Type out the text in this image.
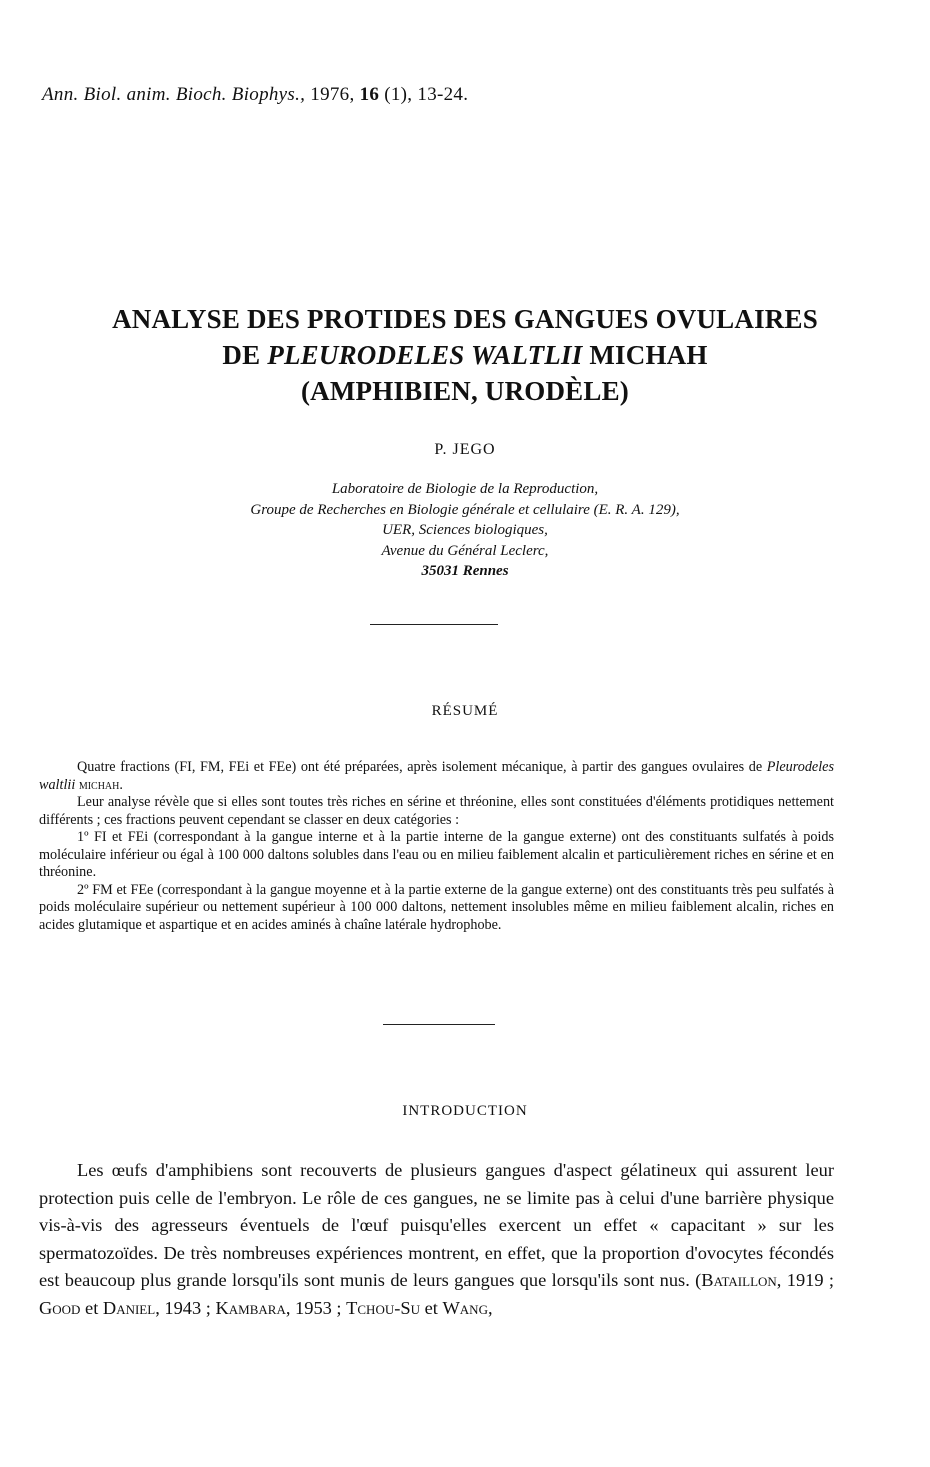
Ann. Biol. anim. Bioch. Biophys., 1976, 16 (1), 13-24.
ANALYSE DES PROTIDES DES GANGUES OVULAIRES
DE PLEURODELES WALTLII MICHAH
(AMPHIBIEN, URODÈLE)
P. JEGO
Laboratoire de Biologie de la Reproduction,
Groupe de Recherches en Biologie générale et cellulaire (E. R. A. 129),
UER, Sciences biologiques,
Avenue du Général Leclerc,
35031 Rennes
RÉSUMÉ

Quatre fractions (FI, FM, FEi et FEe) ont été préparées, après isolement mécanique, à partir des gangues ovulaires de Pleurodeles waltlii michah.

Leur analyse révèle que si elles sont toutes très riches en sérine et thréonine, elles sont constituées d'éléments protidiques nettement différents ; ces fractions peuvent cependant se classer en deux catégories :

1º FI et FEi (correspondant à la gangue interne et à la partie interne de la gangue externe) ont des constituants sulfatés à poids moléculaire inférieur ou égal à 100 000 daltons solubles dans l'eau ou en milieu faiblement alcalin et particulièrement riches en sérine et en thréonine.

2º FM et FEe (correspondant à la gangue moyenne et à la partie externe de la gangue externe) ont des constituants très peu sulfatés à poids moléculaire supérieur ou nettement supérieur à 100 000 daltons, nettement insolubles même en milieu faiblement alcalin, riches en acides glutamique et aspartique et en acides aminés à chaîne latérale hydrophobe.

INTRODUCTION

Les œufs d'amphibiens sont recouverts de plusieurs gangues d'aspect gélatineux qui assurent leur protection puis celle de l'embryon. Le rôle de ces gangues, ne se limite pas à celui d'une barrière physique vis-à-vis des agresseurs éventuels de l'œuf puisqu'elles exercent un effet « capacitant » sur les spermatozoïdes. De très nombreuses expériences montrent, en effet, que la proportion d'ovocytes fécondés est beaucoup plus grande lorsqu'ils sont munis de leurs gangues que lorsqu'ils sont nus. (Bataillon, 1919 ; Good et Daniel, 1943 ; Kambara, 1953 ; Tchou-Su et Wang,
